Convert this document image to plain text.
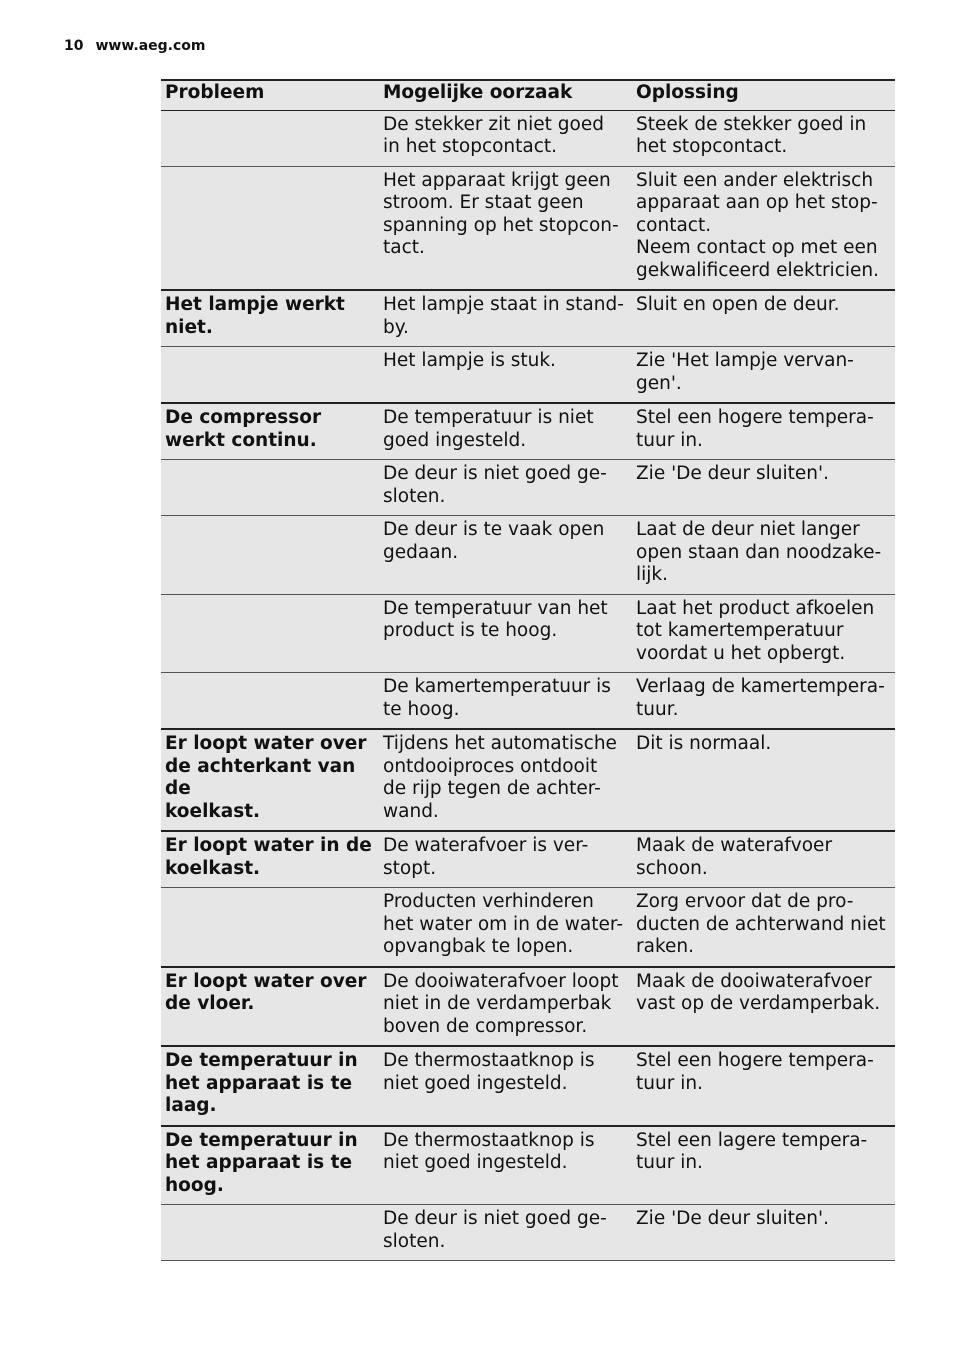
10 www.aeg.com
Probleem	Mogelijke oorzaak	Oplossing

	De stekker zit niet goed
in het stopcontact.	Steek de stekker goed in
het stopcontact.

	Het apparaat krijgt geen
stroom. Er staat geen
spanning op het stopcon-
tact.	Sluit een ander elektrisch
apparaat aan op het stop-
contact.
Neem contact op met een
gekwalificeerd elektricien.

Het lampje werkt
niet.	Het lampje staat in stand-
by.	Sluit en open de deur.

	Het lampje is stuk.	Zie 'Het lampje vervan-
gen'.

De compressor
werkt continu.	De temperatuur is niet
goed ingesteld.	Stel een hogere tempera-
tuur in.

	De deur is niet goed ge-
sloten.	Zie 'De deur sluiten'.

	De deur is te vaak open
gedaan.	Laat de deur niet langer
open staan dan noodzake-
lijk.

	De temperatuur van het
product is te hoog.	Laat het product afkoelen
tot kamertemperatuur
voordat u het opbergt.

	De kamertemperatuur is
te hoog.	Verlaag de kamertempera-
tuur.

Er loopt water over
de achterkant van de
koelkast.	Tijdens het automatische
ontdooiproces ontdooit
de rijp tegen de achter-
wand.	Dit is normaal.

Er loopt water in de
koelkast.	De waterafvoer is ver-
stopt.	Maak de waterafvoer
schoon.

	Producten verhinderen
het water om in de water-
opvangbak te lopen.	Zorg ervoor dat de pro-
ducten de achterwand niet
raken.

Er loopt water over
de vloer.	De dooiwaterafvoer loopt
niet in de verdamperbak
boven de compressor.	Maak de dooiwaterafvoer
vast op de verdamperbak.

De temperatuur in
het apparaat is te
laag.	De thermostaatknop is
niet goed ingesteld.	Stel een hogere tempera-
tuur in.

De temperatuur in
het apparaat is te
hoog.	De thermostaatknop is
niet goed ingesteld.	Stel een lagere tempera-
tuur in.

	De deur is niet goed ge-
sloten.	Zie 'De deur sluiten'.
